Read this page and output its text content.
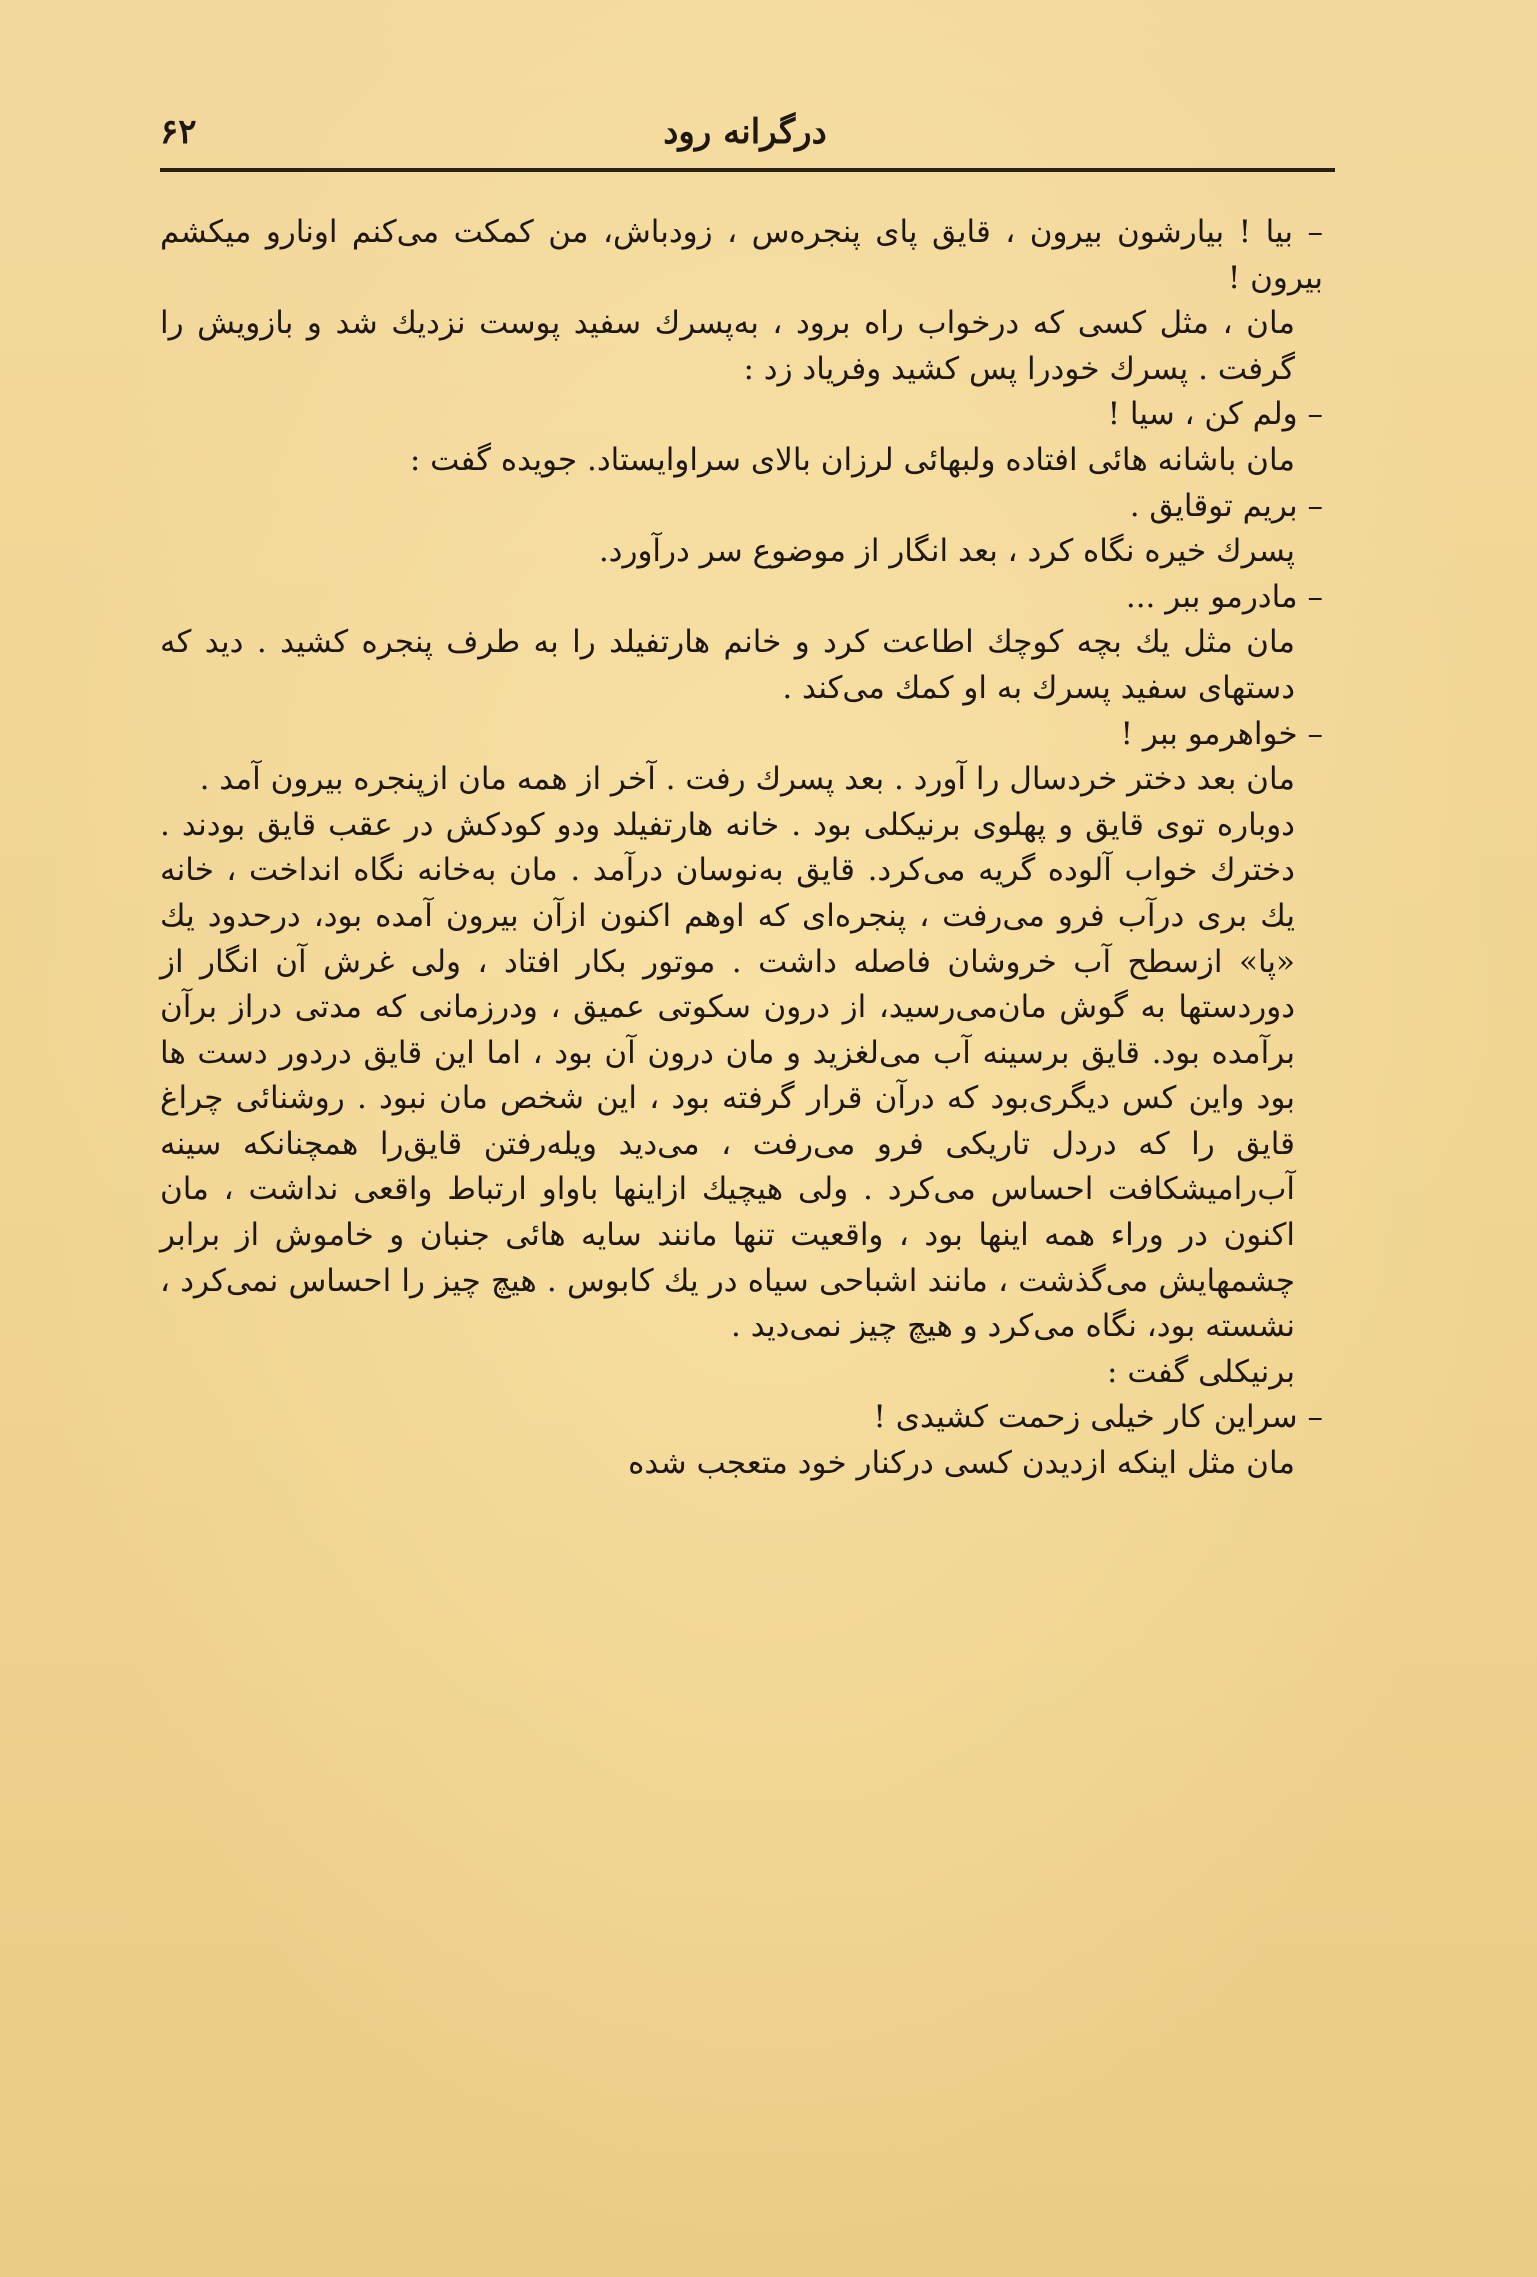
درگرانه رود
۶۲

– بیا ! بیارشون بیرون ، قایق پای پنجره‌س ، زودباش، من کمکت می‌کنم اونارو میکشم بیرون !

مان ، مثل کسی که درخواب راه برود ، به‌پسرك سفید پوست نزدیك شد و بازویش را گرفت . پسرك خودرا پس کشید وفریاد زد :

– ولم کن ، سیا !

مان باشانه هائی افتاده ولبهائی لرزان بالای سراوایستاد. جویده گفت :

– بریم توقایق .

پسرك خیره نگاه کرد ، بعد انگار از موضوع سر درآورد.

– مادرمو ببر ...

مان مثل یك بچه کوچك اطاعت کرد و خانم هارتفیلد را به طرف پنجره کشید . دید که دستهای سفید پسرك به او کمك می‌کند .

– خواهرمو ببر !

مان بعد دختر خردسال را آورد . بعد پسرك رفت . آخر از همه مان ازپنجره بیرون آمد .

دوباره توی قایق و پهلوی برنیکلی بود . خانه هارتفیلد ودو کودکش در عقب قایق بودند . دخترك خواب آلوده گریه می‌کرد. قایق به‌نوسان درآمد . مان به‌خانه نگاه انداخت ، خانه یك بری درآب فرو می‌رفت ، پنجره‌ای که اوهم اکنون ازآن بیرون آمده بود، درحدود یك «پا» ازسطح آب خروشان فاصله داشت . موتور بکار افتاد ، ولی غرش آن انگار از دوردستها به گوش مان‌می‌رسید، از درون سکوتی عمیق ، ودرزمانی که مدتی دراز برآن برآمده بود. قایق برسینه آب می‌لغزید و مان درون آن بود ، اما این قایق دردور دست ها بود واین کس دیگری‌بود که درآن قرار گرفته بود ، این شخص مان نبود . روشنائی چراغ قایق را که دردل تاریکی فرو می‌رفت ، می‌دید ویله‌رفتن قایق‌را همچنانکه سینه آب‌رامیشکافت احساس می‌کرد . ولی هیچیك ازاینها باواو ارتباط واقعی نداشت ، مان اکنون در وراء همه اینها بود ، واقعیت تنها مانند سایه هائی جنبان و خاموش از برابر چشمهایش می‌گذشت ، مانند اشباحی سیاه در یك کابوس . هیچ چیز را احساس نمی‌کرد ، نشسته بود، نگاه می‌کرد و هیچ چیز نمی‌دید .

برنیکلی گفت :

– سراین کار خیلی زحمت کشیدی !

مان مثل اینکه ازدیدن کسی درکنار خود متعجب شده
